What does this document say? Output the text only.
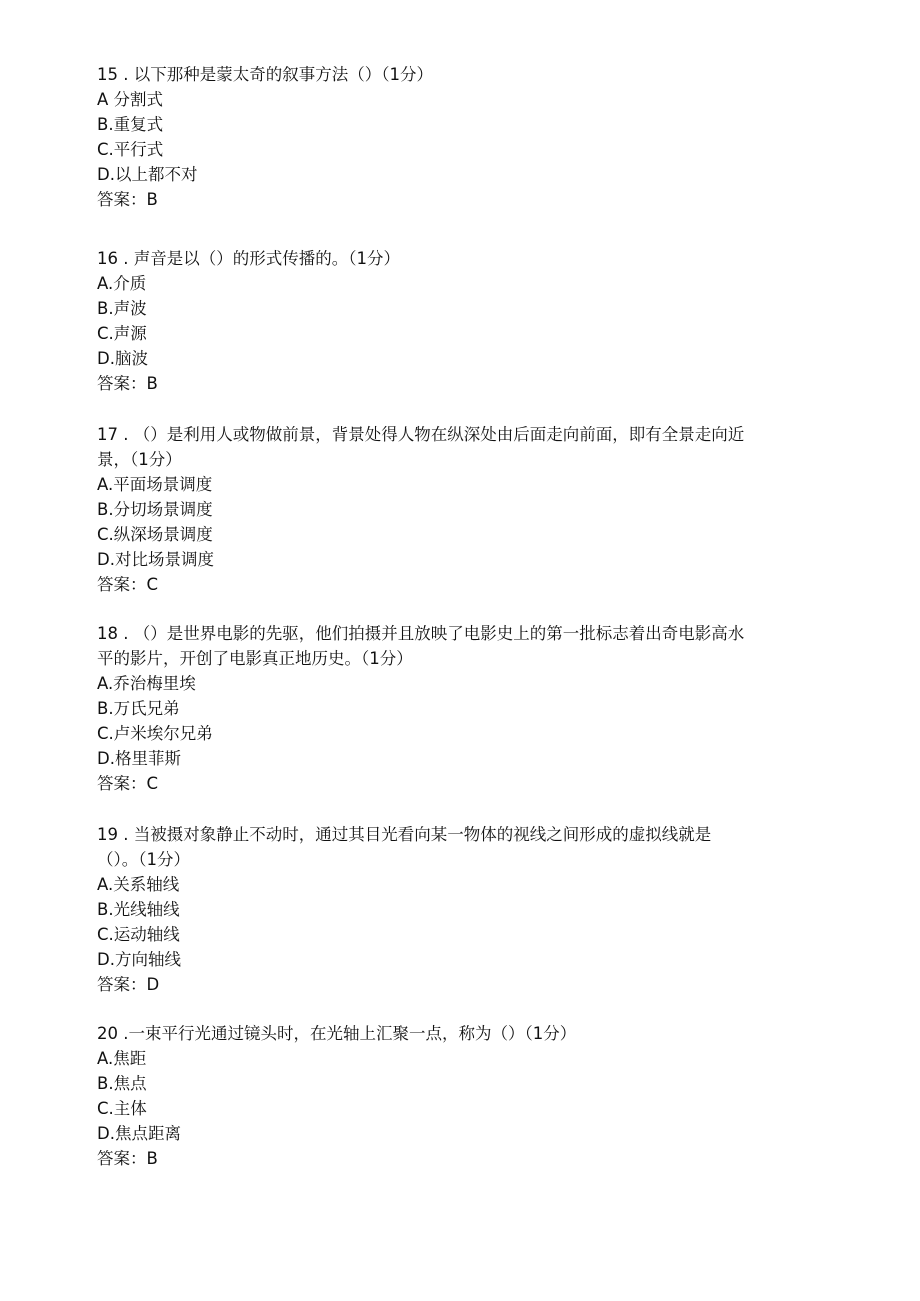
15 . 以下那种是蒙太奇的叙事方法（）（1分）
A 分割式
B.重复式
C.平行式
D.以上都不对
答案：B
16 . 声音是以（）的形式传播的。（1分）
A.介质
B.声波
C.声源
D.脑波
答案：B
17 . （）是利用人或物做前景，背景处得人物在纵深处由后面走向前面，即有全景走向近
景，（1分）
A.平面场景调度
B.分切场景调度
C.纵深场景调度
D.对比场景调度
答案：C
18 . （）是世界电影的先驱，他们拍摄并且放映了电影史上的第一批标志着出奇电影高水
平的影片，开创了电影真正地历史。（1分）
A.乔治梅里埃
B.万氏兄弟
C.卢米埃尔兄弟
D.格里菲斯
答案：C
19 . 当被摄对象静止不动时，通过其目光看向某一物体的视线之间形成的虚拟线就是
（）。（1分）
A.关系轴线
B.光线轴线
C.运动轴线
D.方向轴线
答案：D
20 .一束平行光通过镜头时，在光轴上汇聚一点，称为（）（1分）
A.焦距
B.焦点
C.主体
D.焦点距离
答案：B
